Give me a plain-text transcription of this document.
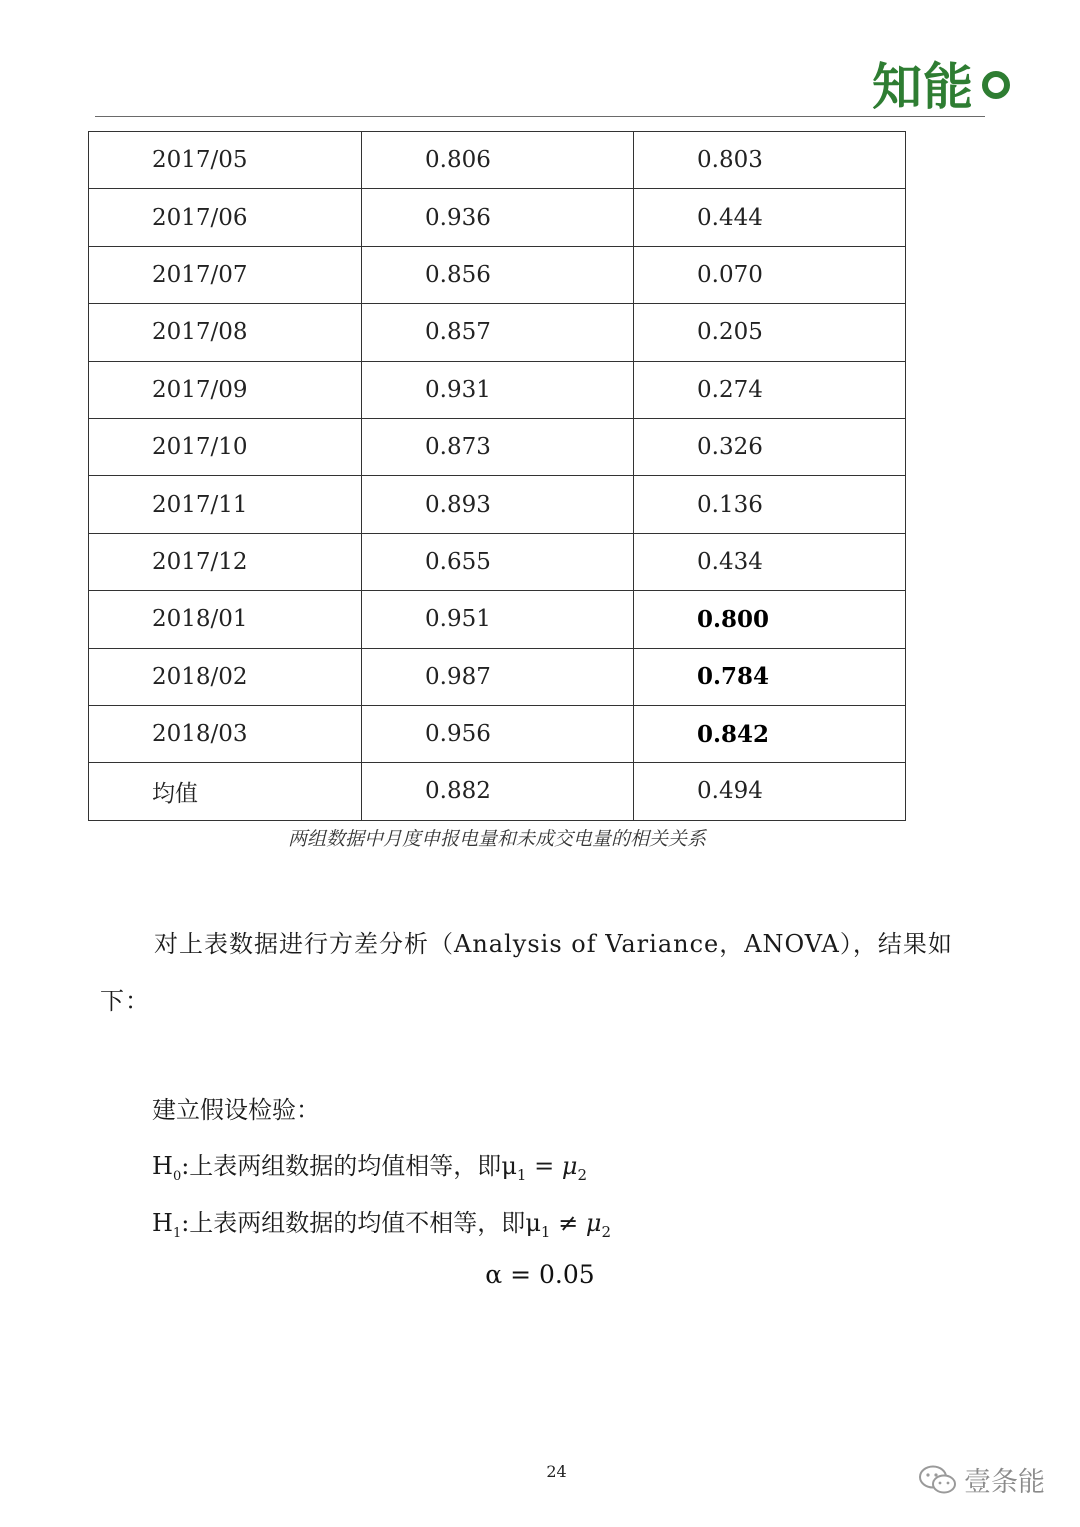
知能
2017/05	0.806	0.803
2017/06	0.936	0.444
2017/07	0.856	0.070
2017/08	0.857	0.205
2017/09	0.931	0.274
2017/10	0.873	0.326
2017/11	0.893	0.136
2017/12	0.655	0.434
2018/01	0.951	0.800
2018/02	0.987	0.784
2018/03	0.956	0.842
均值	0.882	0.494
两组数据中月度申报电量和未成交电量的相关关系
对上表数据进行方差分析（Analysis of Variance，ANOVA），结果如下：
建立假设检验：
$H_0$:上表两组数据的均值相等，即$\mu_1 = \mu_2$
$H_1$:上表两组数据的均值不相等，即$\mu_1 \ne \mu_2$
α = 0.05
24	壹条能
